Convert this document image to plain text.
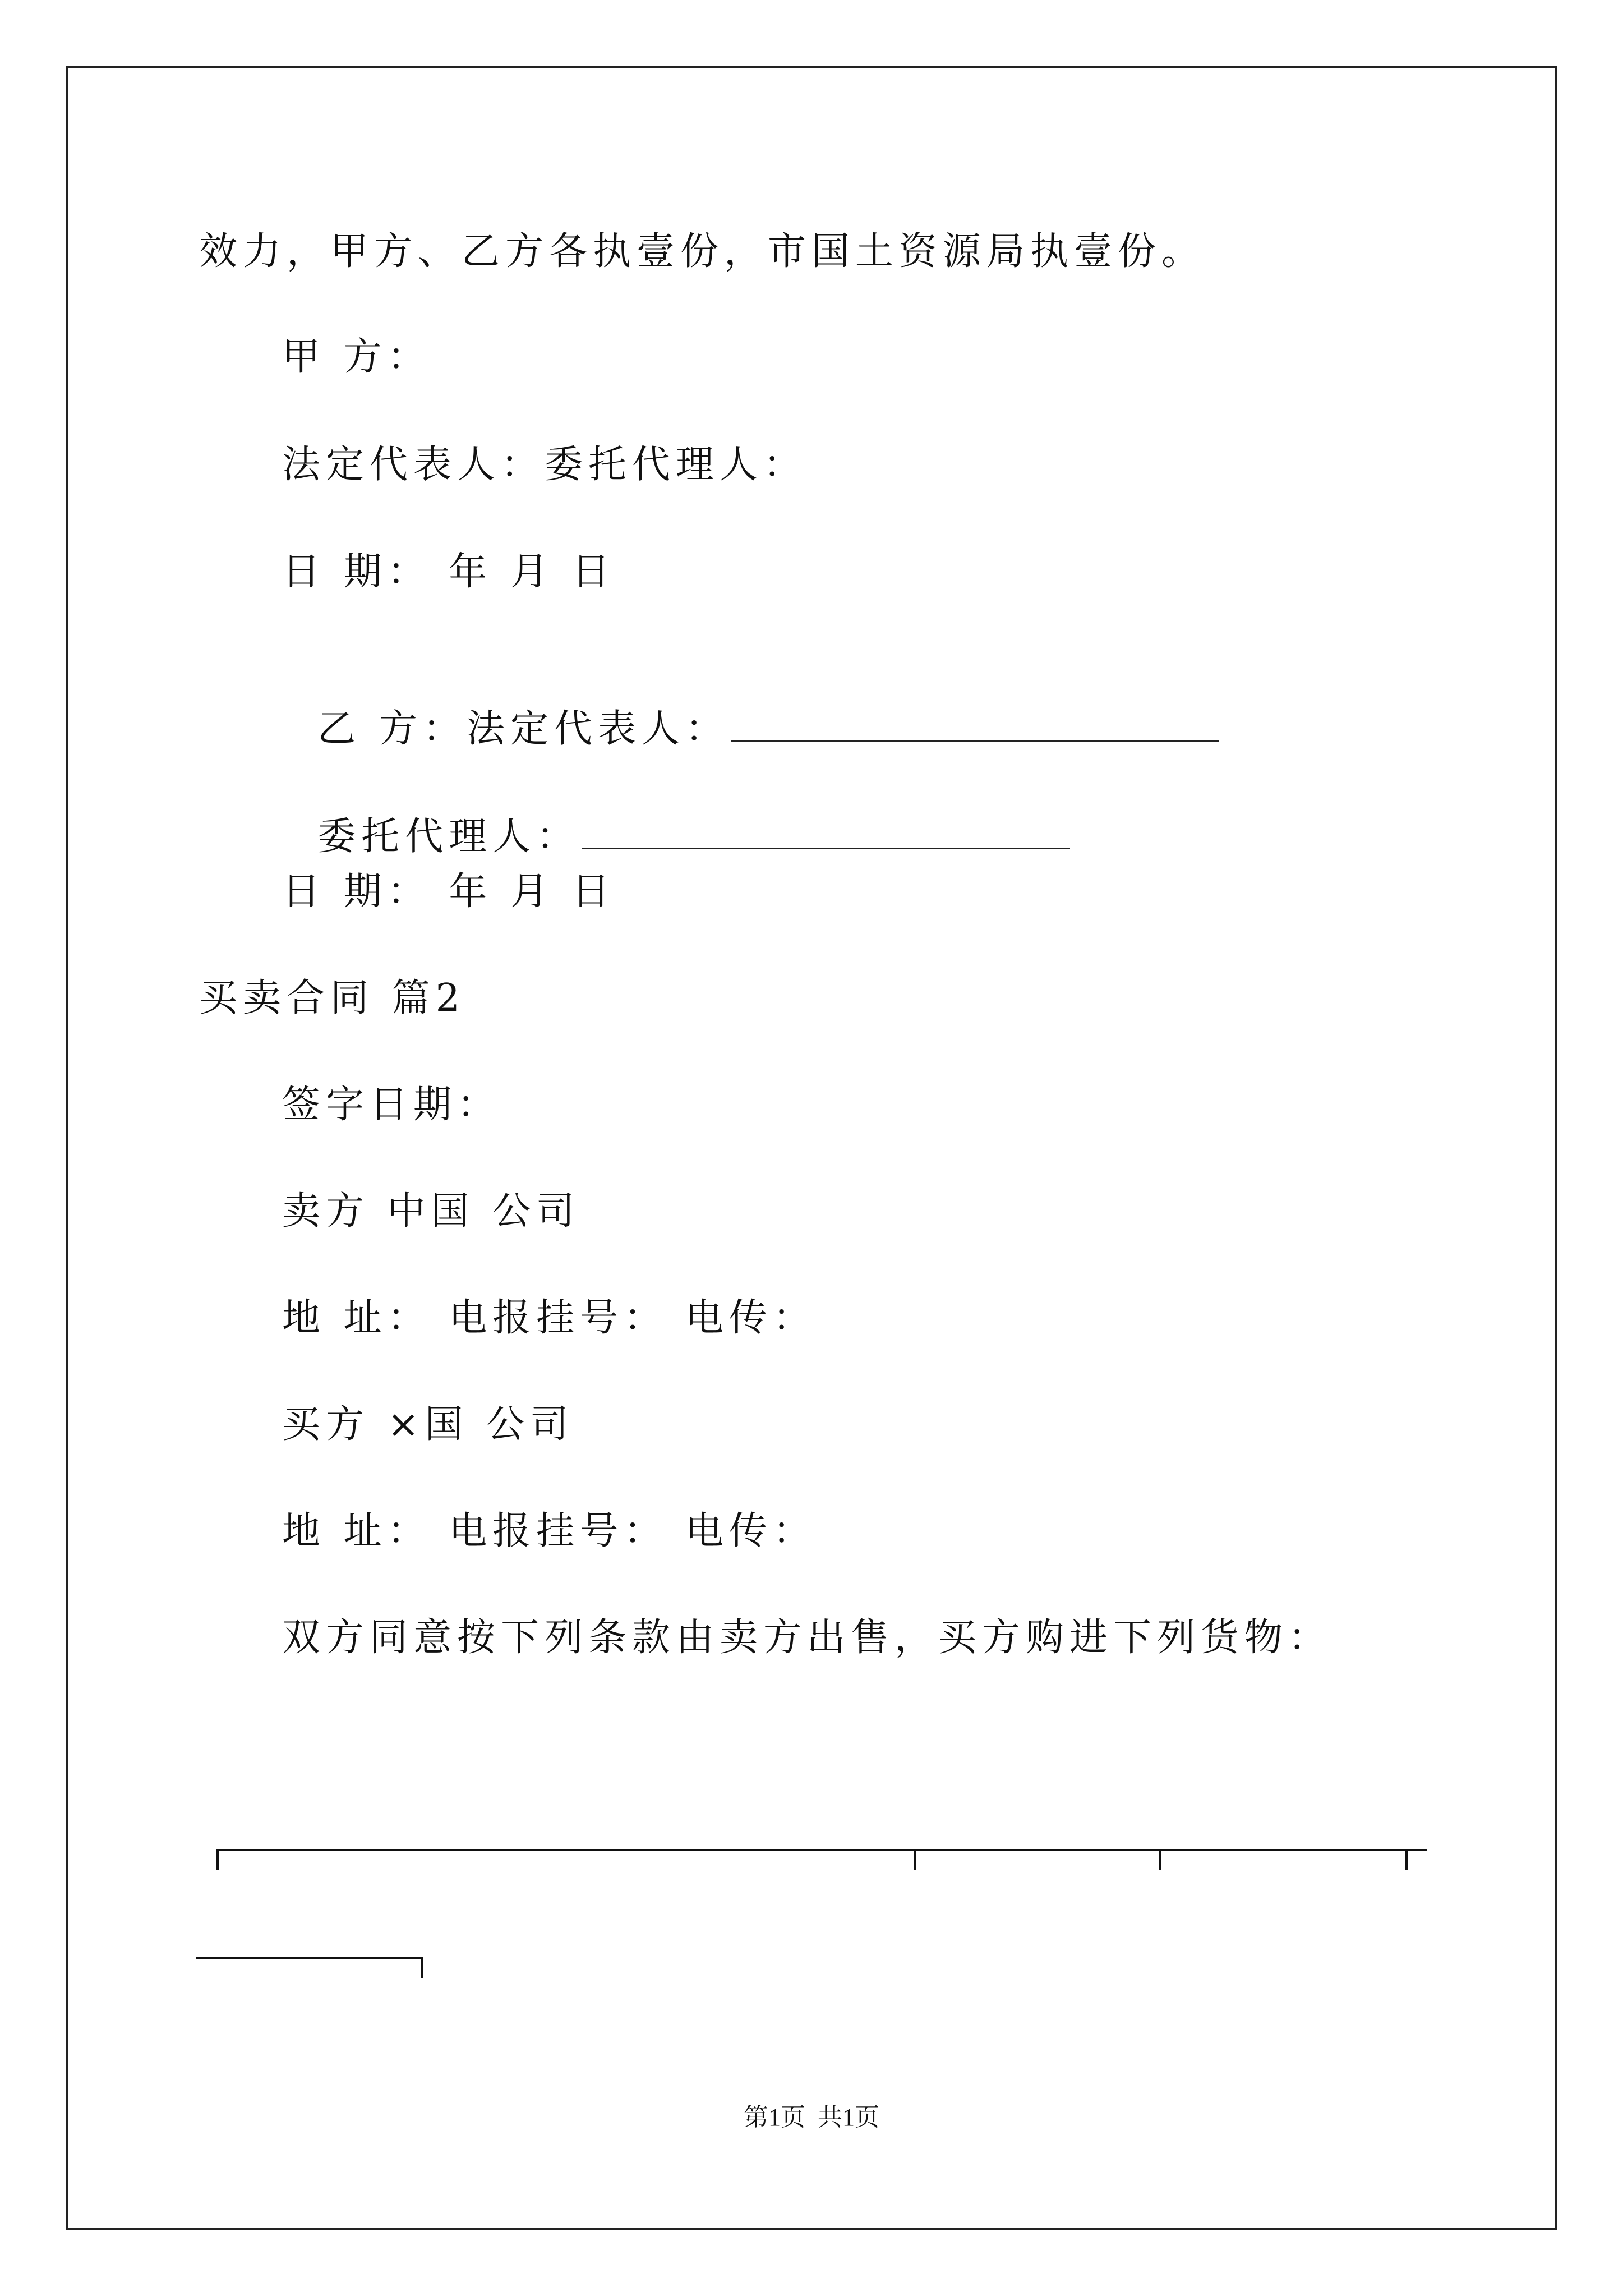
效力，甲方、乙方各执壹份，市国土资源局执壹份。
甲 方：
法定代表人：委托代理人：
日 期： 年 月 日

乙 方：法定代表人：

委托代理人：

日 期： 年 月 日
买卖合同 篇2
签字日期：
卖方 中国 公司
地 址： 电报挂号： 电传：
买方 ×国 公司
地 址： 电报挂号： 电传：
双方同意按下列条款由卖方出售，买方购进下列货物：
第1页  共1页
